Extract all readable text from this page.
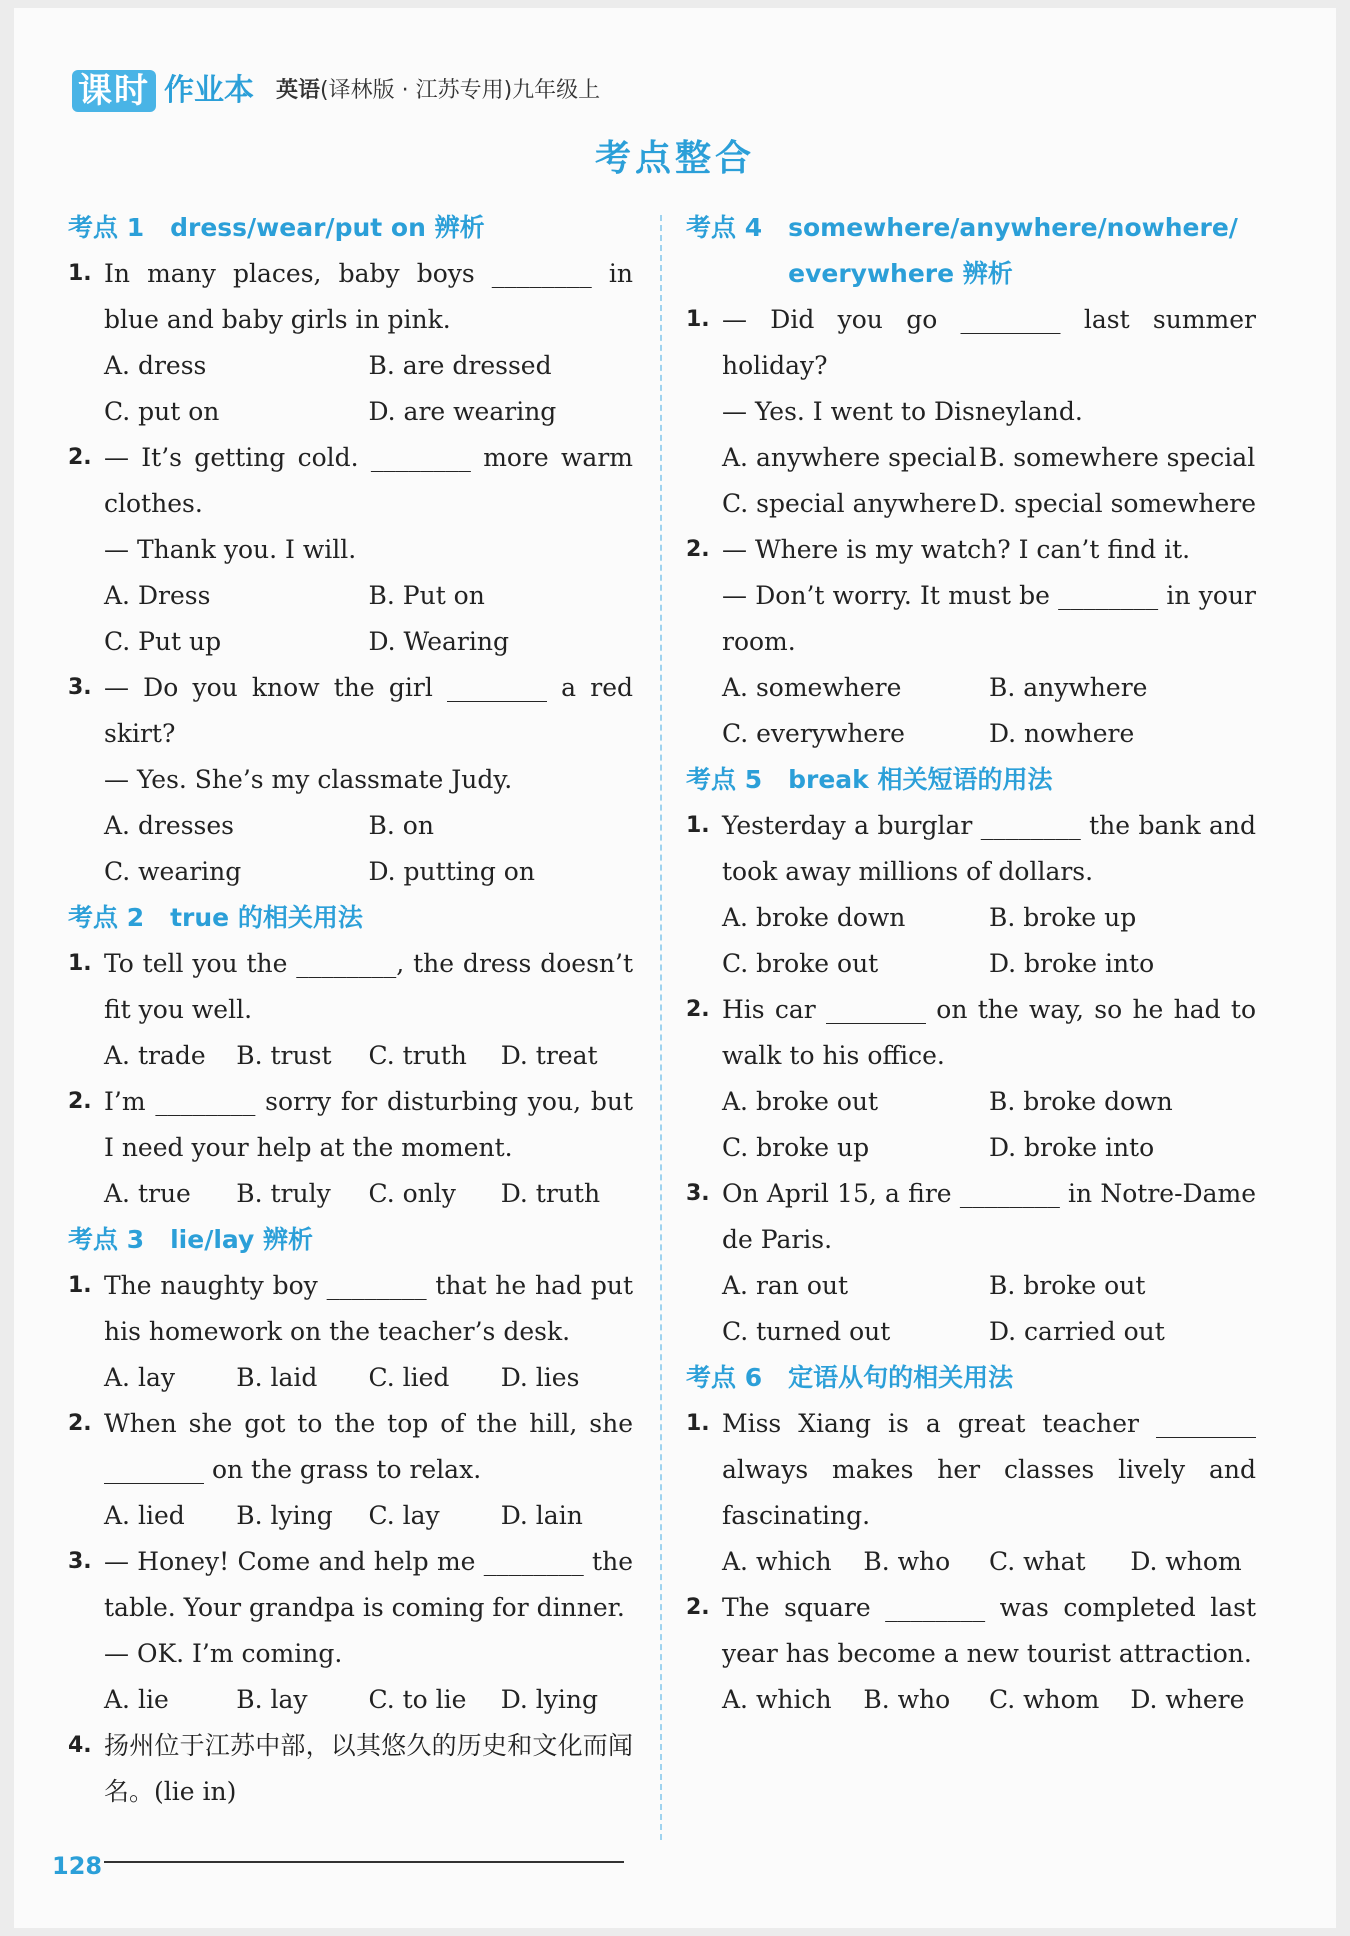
课时 作业本 英语(译林版 · 江苏专用)九年级上
考点整合
考点 1 dress/wear/put on 辨析
1. In many places, baby boys ________ in blue and baby girls in pink.
A. dress	B. are dressed
C. put on	D. are wearing
2. — It’s getting cold. ________ more warm clothes.
— Thank you. I will.
A. Dress	B. Put on
C. Put up	D. Wearing
3. — Do you know the girl ________ a red skirt?
— Yes. She’s my classmate Judy.
A. dresses	B. on
C. wearing	D. putting on
考点 2 true 的相关用法
1. To tell you the ________, the dress doesn’t fit you well.
A. trade	B. trust	C. truth	D. treat
2. I’m ________ sorry for disturbing you, but I need your help at the moment.
A. true	B. truly	C. only	D. truth
考点 3 lie/lay 辨析
1. The naughty boy ________ that he had put his homework on the teacher’s desk.
A. lay	B. laid	C. lied	D. lies
2. When she got to the top of the hill, she ________ on the grass to relax.
A. lied	B. lying	C. lay	D. lain
3. — Honey! Come and help me ________ the table. Your grandpa is coming for dinner.
— OK. I’m coming.
A. lie	B. lay	C. to lie	D. lying
4. 扬州位于江苏中部，以其悠久的历史和文化而闻名。(lie in)
考点 4 somewhere/anywhere/nowhere/ everywhere 辨析
1. — Did you go ________ last summer holiday?
— Yes. I went to Disneyland.
A. anywhere special B. somewhere special
C. special anywhere D. special somewhere
2. — Where is my watch? I can’t find it.
— Don’t worry. It must be ________ in your room.
A. somewhere	B. anywhere
C. everywhere	D. nowhere
考点 5 break 相关短语的用法
1. Yesterday a burglar ________ the bank and took away millions of dollars.
A. broke down	B. broke up
C. broke out	D. broke into
2. His car ________ on the way, so he had to walk to his office.
A. broke out	B. broke down
C. broke up	D. broke into
3. On April 15, a fire ________ in Notre-Dame de Paris.
A. ran out	B. broke out
C. turned out	D. carried out
考点 6 定语从句的相关用法
1. Miss Xiang is a great teacher ________ always makes her classes lively and fascinating.
A. which	B. who	C. what	D. whom
2. The square ________ was completed last year has become a new tourist attraction.
A. which	B. who	C. whom	D. where
128
